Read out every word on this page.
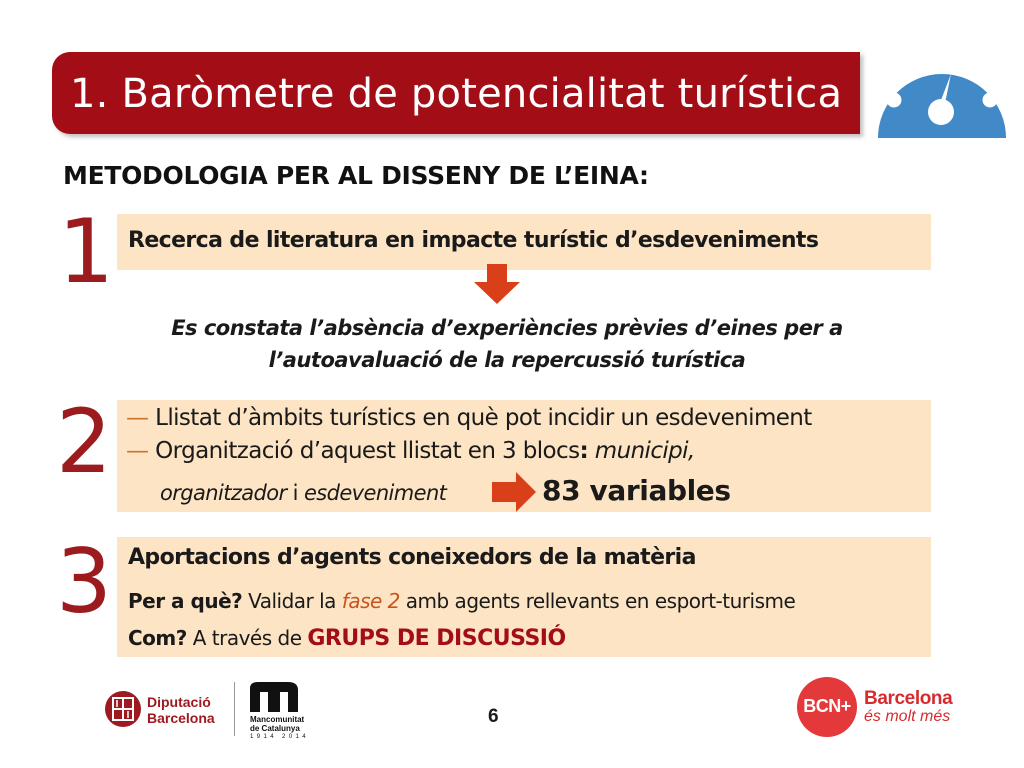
1. Baròmetre de potencialitat turística
METODOLOGIA PER AL DISSENY DE L’EINA:
1 Recerca de literatura en impacte turístic d’esdeveniments
Es constata l’absència d’experiències prèvies d’eines per a
l’autoavaluació de la repercussió turística
2 — Llistat d’àmbits turístics en què pot incidir un esdeveniment
— Organització d’aquest llistat en 3 blocs: municipi,
organitzador i esdeveniment	83 variables
3 Aportacions d’agents coneixedors de la matèria
Per a què? Validar la fase 2 amb agents rellevants en esport-turisme
Com? A través de GRUPS DE DISCUSSIÓ
Diputació
Barcelona	Mancomunitat
de Catalunya
1914 2014
6	BCN+ Barcelona
és molt més
